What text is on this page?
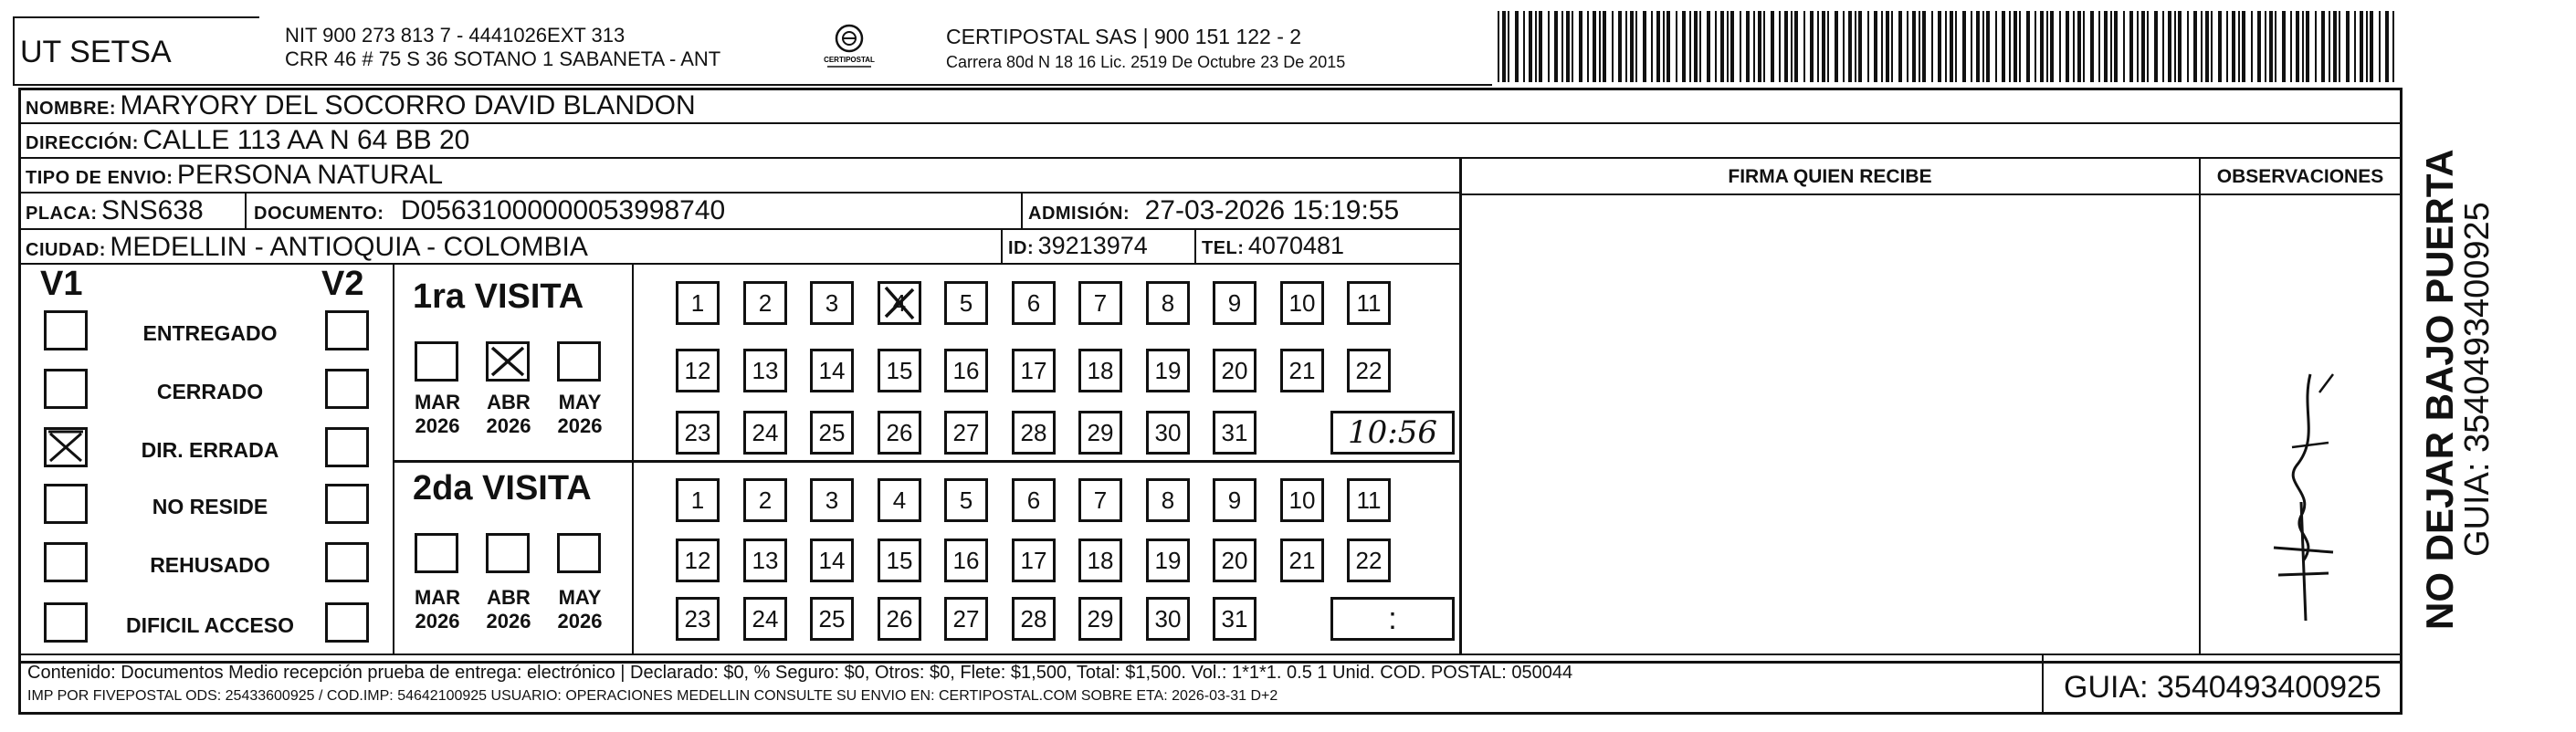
UT SETSA	NIT 900 273 813 7 - 4441026EXT 313
CRR 46 # 75 S 36 SOTANO 1 SABANETA - ANT	CERTIPOSTAL
CERTIPOSTAL SAS | 900 151 122 - 2
Carrera 80d N 18 16 Lic. 2519 De Octubre 23 De 2015
NOMBRE: MARYORY DEL SOCORRO DAVID BLANDON
DIRECCIÓN: CALLE 113 AA N 64 BB 20
TIPO DE ENVIO: PERSONA NATURAL
PLACA: SNS638	DOCUMENTO: D05631000000053998740	ADMISIÓN: 27-03-2026 15:19:55
CIUDAD: MEDELLIN - ANTIOQUIA - COLOMBIA	ID: 39213974	TEL: 4070481
FIRMA QUIEN RECIBE	OBSERVACIONES
V1	V2
ENTREGADO
CERRADO
DIR. ERRADA
NO RESIDE
REHUSADO
DIFICIL ACCESO
1ra VISITA
MAR
2026
ABR
2026
MAY
2026
1 2 3 4 5 6 7 8 9 10 11
12 13 14 15 16 17 18 19 20 21 22
23 24 25 26 27 28 29 30 31	10:56
2da VISITA
MAR
2026
ABR
2026
MAY
2026
1 2 3 4 5 6 7 8 9 10 11
12 13 14 15 16 17 18 19 20 21 22
23 24 25 26 27 28 29 30 31	:	NO DEJAR BAJO PUERTA
GUIA: 3540493400925
Contenido: Documentos Medio recepción prueba de entrega: electrónico | Declarado: $0, % Seguro: $0, Otros: $0, Flete: $1,500, Total: $1,500. Vol.: 1*1*1. 0.5 1 Unid. COD. POSTAL: 050044
IMP POR FIVEPOSTAL ODS: 25433600925 / COD.IMP: 54642100925 USUARIO: OPERACIONES MEDELLIN CONSULTE SU ENVIO EN: CERTIPOSTAL.COM SOBRE ETA: 2026-03-31 D+2	GUIA: 3540493400925
